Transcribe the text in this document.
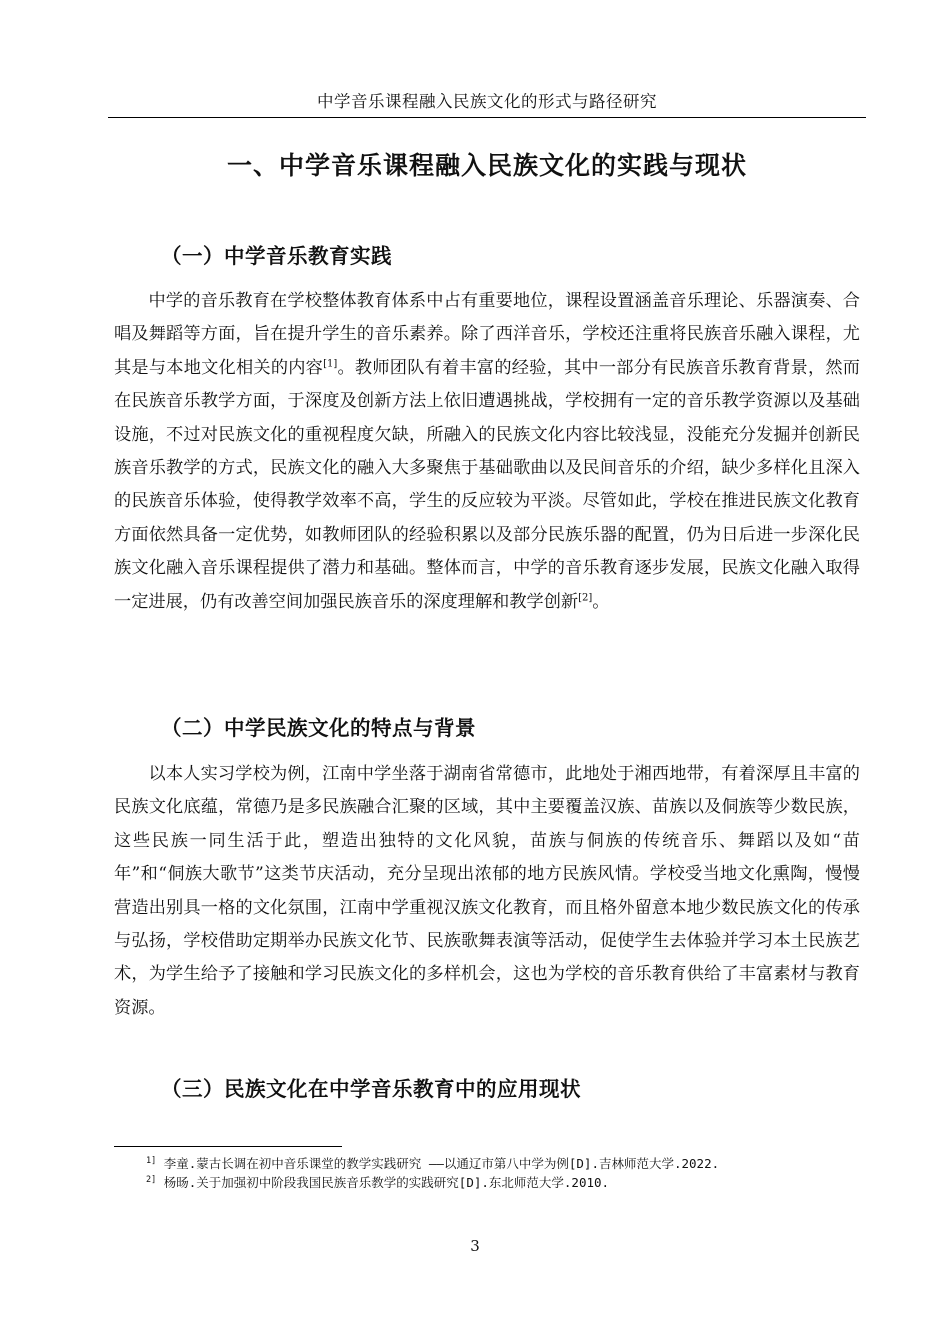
中学音乐课程融入民族文化的形式与路径研究
一、中学音乐课程融入民族文化的实践与现状
（一）中学音乐教育实践

中学的音乐教育在学校整体教育体系中占有重要地位，课程设置涵盖音乐理论、乐器演奏、合唱及舞蹈等方面，旨在提升学生的音乐素养。除了西洋音乐，学校还注重将民族音乐融入课程，尤其是与本地文化相关的内容[1]。教师团队有着丰富的经验，其中一部分有民族音乐教育背景，然而在民族音乐教学方面，于深度及创新方法上依旧遭遇挑战，学校拥有一定的音乐教学资源以及基础设施，不过对民族文化的重视程度欠缺，所融入的民族文化内容比较浅显，没能充分发掘并创新民族音乐教学的方式，民族文化的融入大多聚焦于基础歌曲以及民间音乐的介绍，缺少多样化且深入的民族音乐体验，使得教学效率不高，学生的反应较为平淡。尽管如此，学校在推进民族文化教育方面依然具备一定优势，如教师团队的经验积累以及部分民族乐器的配置，仍为日后进一步深化民族文化融入音乐课程提供了潜力和基础。整体而言，中学的音乐教育逐步发展，民族文化融入取得一定进展，仍有改善空间加强民族音乐的深度理解和教学创新[2]。

（二）中学民族文化的特点与背景

以本人实习学校为例，江南中学坐落于湖南省常德市，此地处于湘西地带，有着深厚且丰富的民族文化底蕴，常德乃是多民族融合汇聚的区域，其中主要覆盖汉族、苗族以及侗族等少数民族，这些民族一同生活于此，塑造出独特的文化风貌，苗族与侗族的传统音乐、舞蹈以及如“苗年”和“侗族大歌节”这类节庆活动，充分呈现出浓郁的地方民族风情。学校受当地文化熏陶，慢慢营造出别具一格的文化氛围，江南中学重视汉族文化教育，而且格外留意本地少数民族文化的传承与弘扬，学校借助定期举办民族文化节、民族歌舞表演等活动，促使学生去体验并学习本土民族艺术，为学生给予了接触和学习民族文化的多样机会，这也为学校的音乐教育供给了丰富素材与教育资源。

（三）民族文化在中学音乐教育中的应用现状

$^{1]}$ 李童.蒙古长调在初中音乐课堂的教学实践研究 ——以通辽市第八中学为例[D].吉林师范大学.2022.

$^{2]}$ 杨旸.关于加强初中阶段我国民族音乐教学的实践研究[D].东北师范大学.2010.

3
